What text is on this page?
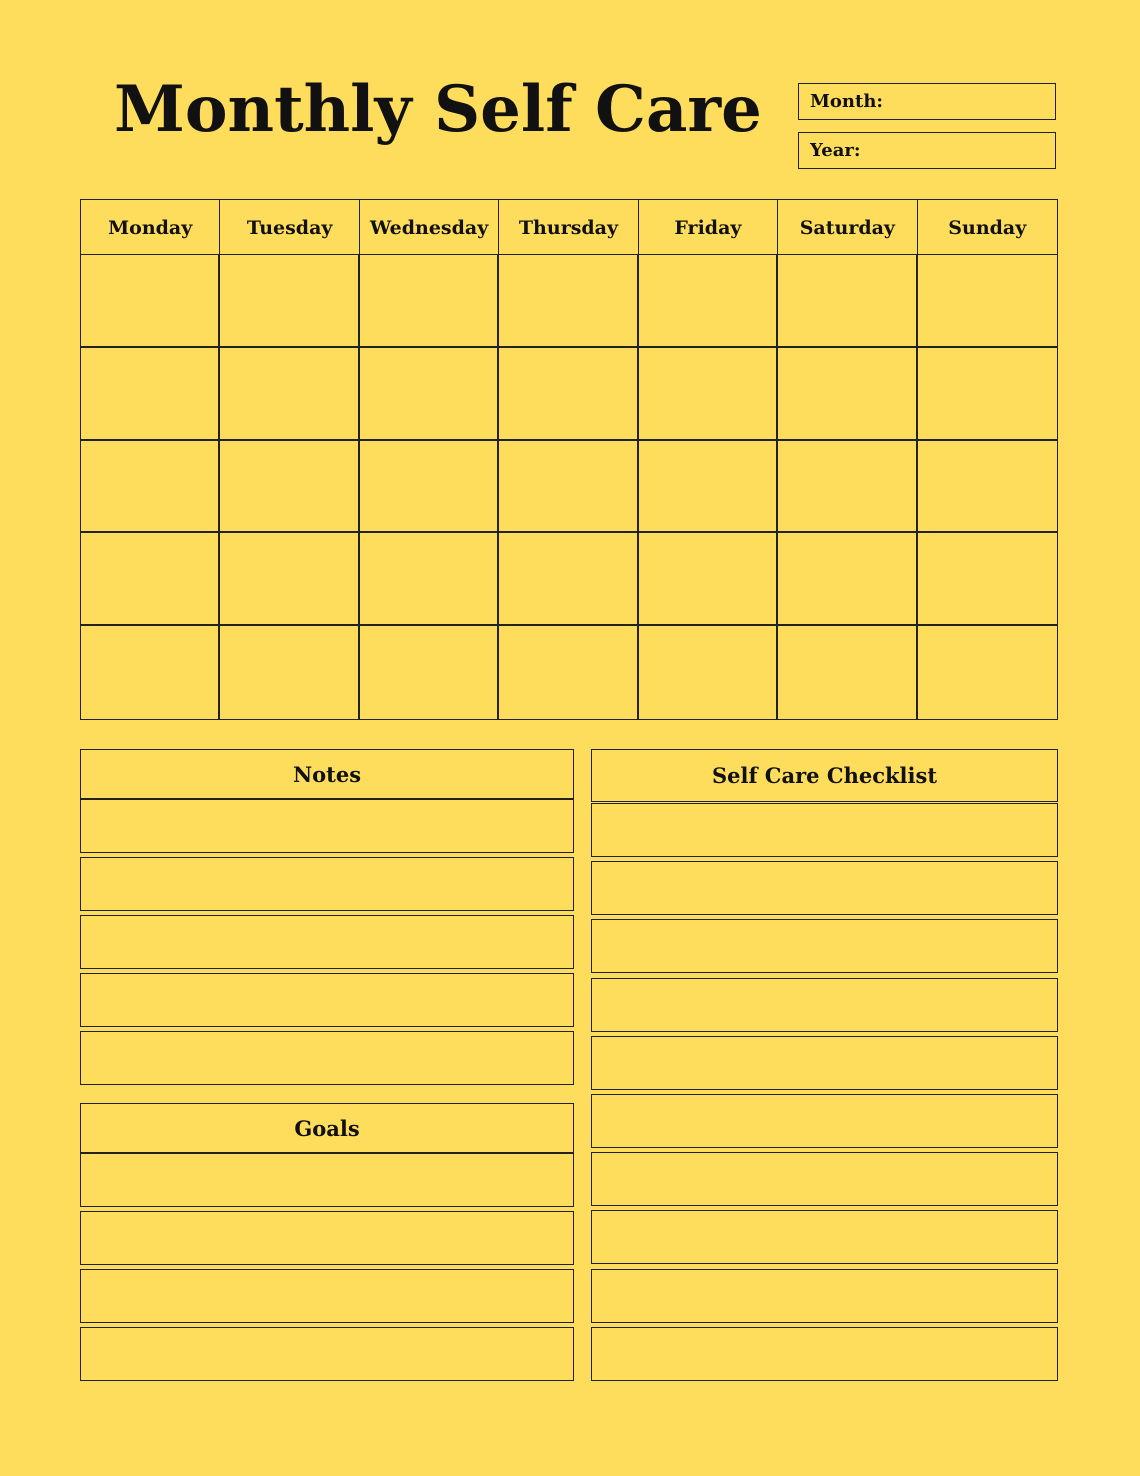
Monthly Self Care	Month:
Year:
Monday	Tuesday	Wednesday	Thursday	Friday	Saturday	Sunday
Notes
Goals
Self Care Checklist
